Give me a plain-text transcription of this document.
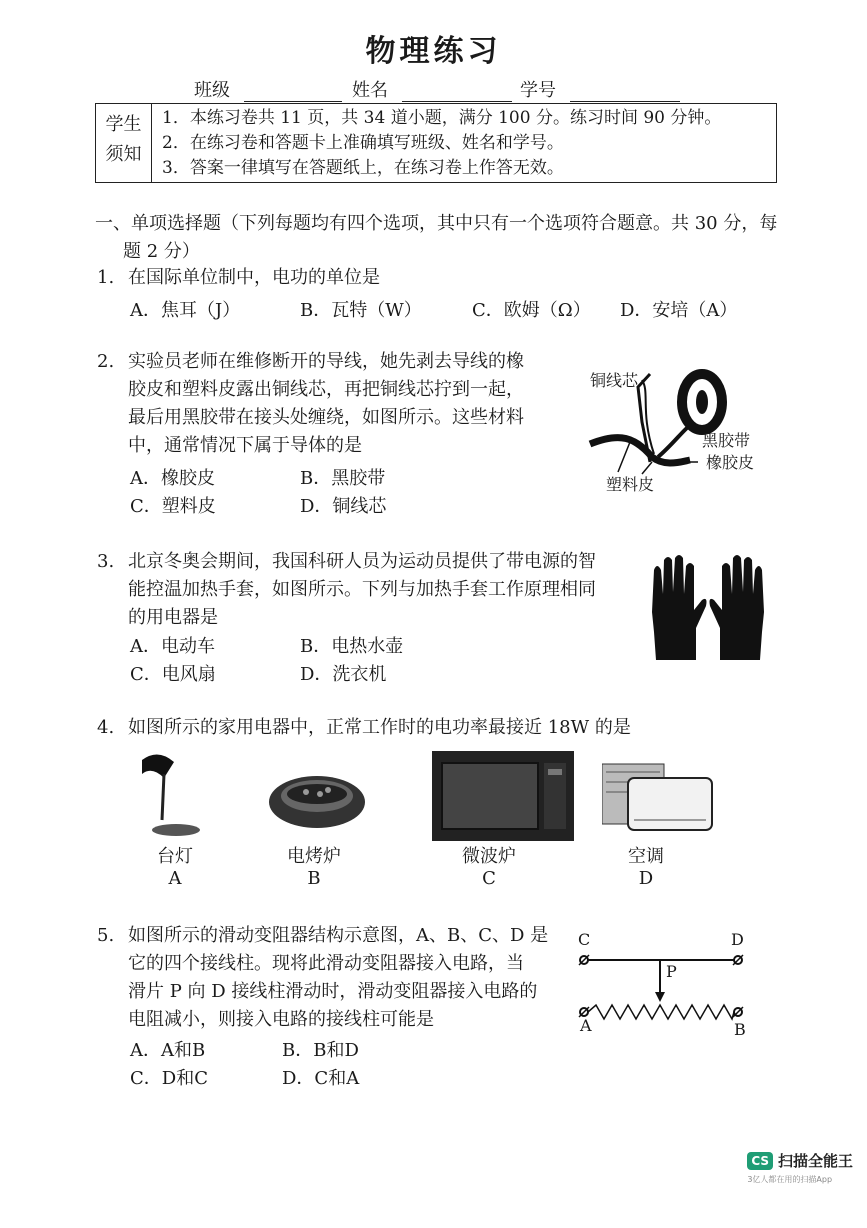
物理练习
班级	姓名	学号
学生
须知
1．本练习卷共 11 页，共 34 道小题，满分 100 分。练习时间 90 分钟。
2．在练习卷和答题卡上准确填写班级、姓名和学号。
3．答案一律填写在答题纸上，在练习卷上作答无效。
一、单项选择题（下列每题均有四个选项，其中只有一个选项符合题意。共 30 分，每
题 2 分）
1. 在国际单位制中，电功的单位是
A．焦耳（J）	B．瓦特（W）	C．欧姆（Ω） D．安培（A）
2. 实验员老师在维修断开的导线，她先剥去导线的橡
胶皮和塑料皮露出铜线芯，再把铜线芯拧到一起，
最后用黑胶带在接头处缠绕，如图所示。这些材料
中，通常情况下属于导体的是
A．橡胶皮	B．黑胶带
C．塑料皮	D．铜线芯
铜线芯
黑胶带
橡胶皮
塑料皮
3. 北京冬奥会期间，我国科研人员为运动员提供了带电源的智
能控温加热手套，如图所示。下列与加热手套工作原理相同
的用电器是
A．电动车	B．电热水壶
C．电风扇	D．洗衣机
4. 如图所示的家用电器中，正常工作时的电功率最接近 18W 的是
台灯
A
电烤炉
B
微波炉
C
空调
D
5. 如图所示的滑动变阻器结构示意图，A、B、C、D 是
它的四个接线柱。现将此滑动变阻器接入电路，当
滑片 P 向 D 接线柱滑动时，滑动变阻器接入电路的
电阻减小，则接入电路的接线柱可能是
A．A和B	B．B和D
C．D和C	D．C和A
C	D
P
A	B
CS 扫描全能王
3亿人都在用的扫描App
